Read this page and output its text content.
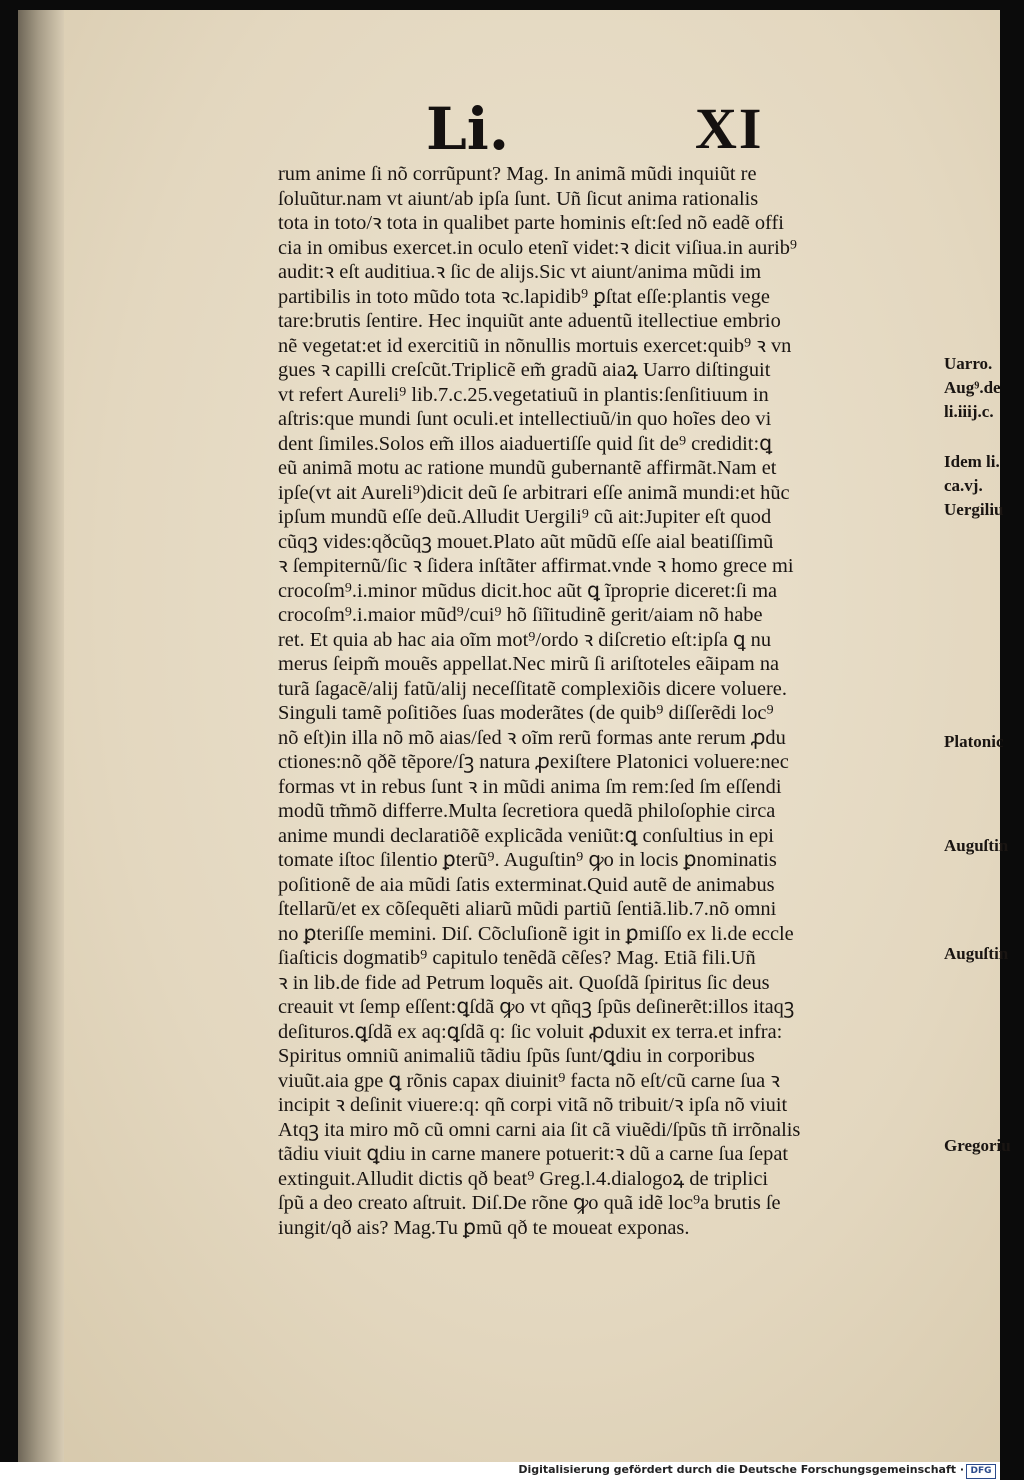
Li.	XI
rum anime ſi nõ corrũpunt? Mag. In animã mũdi inquiũt re
ſoluũtur.nam vt aiunt/ab ipſa ſunt. Uñ ſicut anima rationalis
tota in toto/ꝛ tota in qualibet parte hominis eſt:ſed nõ eadẽ offi
cia in omibus exercet.in oculo etenĩ videt:ꝛ dicit viſiua.in aurib⁹
audit:ꝛ eſt auditiua.ꝛ ſic de alijs.Sic vt aiunt/anima mũdi im
partibilis in toto mũdo tota ꝛc.lapidib⁹ ꝑſtat eſſe:plantis vege
tare:brutis ſentire. Hec inquiũt ante aduentũ itellectiue embrio
nẽ vegetat:et id exercitiũ in nõnullis mortuis exercet:quib⁹ ꝛ vn
gues ꝛ capilli creſcũt.Triplicẽ em̃ gradũ aiaꝝ Uarro diſtinguit
vt refert Aureli⁹ lib.7.c.25.vegetatiuũ in plantis:ſenſitiuum in
aſtris:que mundi ſunt oculi.et intellectiuũ/in quo hoĩes deo vi
dent ſimiles.Solos em̃ illos aiaduertiſſe quid ſit de⁹ credidit:ꝗ
eũ animã motu ac ratione mundũ gubernantẽ affirmãt.Nam et
ipſe(vt ait Aureli⁹)dicit deũ ſe arbitrari eſſe animã mundi:et hũc
ipſum mundũ eſſe deũ.Alludit Uergili⁹ cũ ait:Jupiter eſt quod
cũqꝫ vides:qðcũqꝫ mouet.Plato aũt mũdũ eſſe aial beatiſſimũ
ꝛ ſempiternũ/ſic ꝛ ſidera inſtãter affirmat.vnde ꝛ homo grece mi
crocoſm⁹.i.minor mũdus dicit.hoc aũt ꝗ ĩproprie diceret:ſi ma
crocoſm⁹.i.maior mũd⁹/cui⁹ hõ ſiĩitudinẽ gerit/aiam nõ habe
ret. Et quia ab hac aia oĩm mot⁹/ordo ꝛ diſcretio eſt:ipſa ꝗ nu
merus ſeipm̃ mouẽs appellat.Nec mirũ ſi ariſtoteles eãipam na
turã ſagacẽ/alij fatũ/alij neceſſitatẽ complexiõis dicere voluere.
Singuli tamẽ poſitiões ſuas moderãtes (de quib⁹ diſſerẽdi loc⁹
nõ eſt)in illa nõ mõ aias/ſed ꝛ oĩm rerũ formas ante rerum ꝓdu
ctiones:nõ qðẽ tẽpore/ſꝫ natura ꝓexiſtere Platonici voluere:nec
formas vt in rebus ſunt ꝛ in mũdi anima ſm rem:ſed ſm eſſendi
modũ tm̃mõ differre.Multa ſecretiora quedã philoſophie circa
anime mundi declaratiõẽ explicãda veniũt:ꝗ conſultius in epi
tomate iſtoc ſilentio ꝑterũ⁹. Auguſtin⁹ ꝙo in locis ꝑnominatis
poſitionẽ de aia mũdi ſatis exterminat.Quid autẽ de animabus
ſtellarũ/et ex cõſequẽti aliarũ mũdi partiũ ſentiã.lib.7.nõ omni
no ꝑteriſſe memini. Diſ. Cõcluſionẽ igit in ꝑmiſſo ex li.de eccle
ſiaſticis dogmatib⁹ capitulo tenẽdã cẽſes? Mag. Etiã fili.Uñ
ꝛ in lib.de fide ad Petrum loquẽs ait. Quoſdã ſpiritus ſic deus
creauit vt ſemp eſſent:ꝗſdã ꝙo vt qñqꝫ ſpũs deſinerẽt:illos itaqꝫ
deſituros.ꝗſdã ex aq:ꝗſdã q: ſic voluit ꝓduxit ex terra.et infra:
Spiritus omniũ animaliũ tãdiu ſpũs ſunt/ꝗdiu in corporibus
viuũt.aia gpe ꝗ rõnis capax diuinit⁹ facta nõ eſt/cũ carne ſua ꝛ
incipit ꝛ deſinit viuere:q: qñ corpi vitã nõ tribuit/ꝛ ipſa nõ viuit
Atqꝫ ita miro mõ cũ omni carni aia ſit cã viuẽdi/ſpũs tñ irrõnalis
tãdiu viuit ꝗdiu in carne manere potuerit:ꝛ dũ a carne ſua ſepat
extinguit.Alludit dictis qð beat⁹ Greg.l.4.dialogoꝝ de triplici
ſpũ a deo creato aſtruit. Diſ.De rõne ꝙo quã idẽ loc⁹a brutis ſe
iungit/qð ais? Mag.Tu ꝑmũ qð te moueat exponas.
Uarro.
Aug⁹.de
li.iiij.c.
Idem li.
ca.vj.
Uergiliu
Platonic
Auguſtin
Auguſtin
Gregoriu
Digitalisierung gefördert durch die Deutsche Forschungsgemeinschaft · DFG
